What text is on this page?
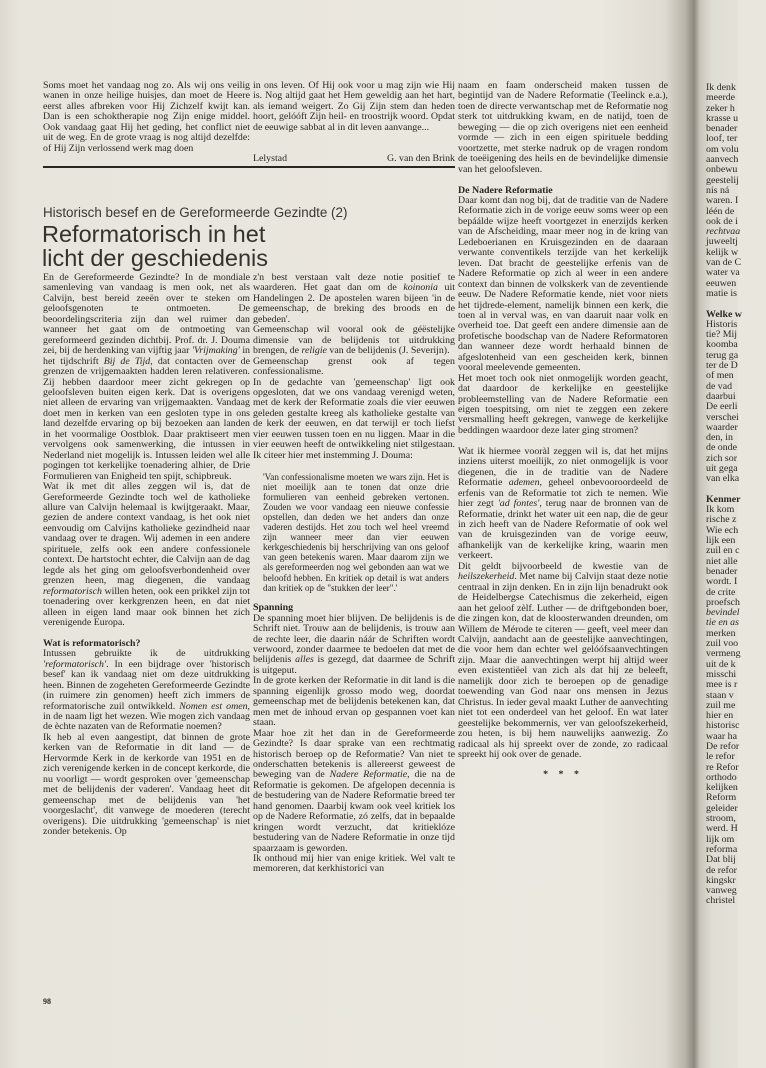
Soms moet het vandaag nog zo. Als wij ons veilig wanen in onze heilige huisjes, dan moet de Heere eerst alles afbreken voor Hij Zichzelf kwijt kan. Dan is een schoktherapie nog Zijn enige middel. Ook vandaag gaat Hij het geding, het conflict niet uit de weg. En de grote vraag is nog altijd dezelfde: of Hij Zijn verlossend werk mag doen

in ons leven. Of Hij ook voor u mag zijn wie Hij is. Nog altijd gaat het Hem geweldig aan het hart, als iemand weigert. Zo Gij Zijn stem dan heden hoort, gelóóft Zijn heil- en troostrijk woord. Opdat de eeuwige sabbat al in dit leven aanvange...

Lelystad	G. van den Brink
Historisch besef en de Gereformeerde Gezindte (2)
Reformatorisch in het
licht der geschiedenis

En de Gereformeerde Gezindte? In de mondiale samenleving van vandaag is men ook, net als Calvijn, best bereid zeeën over te steken om geloofsgenoten te ontmoeten. De beoordelingscriteria zijn dan wel ruimer dan wanneer het gaat om de ontmoeting van gereformeerd gezinden dichtbij. Prof. dr. J. Douma zei, bij de herdenking van vijftig jaar 'Vrijmaking' in het tijdschrift Bij de Tijd, dat contacten over de grenzen de vrijgemaakten hadden leren relativeren. Zij hebben daardoor meer zicht gekregen op geloofsleven buiten eigen kerk. Dat is overigens niet alleen de ervaring van vrijgemaakten. Vandaag doet men in kerken van een gesloten type in ons land dezelfde ervaring op bij bezoeken aan landen in het voormalige Oostblok. Daar praktiseert men vervolgens ook samenwerking, die intussen in Nederland niet mogelijk is. Intussen leiden wel alle pogingen tot kerkelijke toenadering alhier, de Drie Formulieren van Enigheid ten spijt, schipbreuk.

Wat ik met dit alles zeggen wil is, dat de Gereformeerde Gezindte toch wel de katholieke allure van Calvijn helemaal is kwijtgeraakt. Maar, gezien de andere context vandaag, is het ook niet eenvoudig om Calvijns katholieke gezindheid naar vandaag over te dragen. Wij ademen in een andere spirituele, zelfs ook een andere confessionele context. De hartstocht echter, die Calvijn aan de dag legde als het ging om geloofsverbondenheid over grenzen heen, mag diegenen, die vandaag reformatorisch willen heten, ook een prikkel zijn tot toenadering over kerkgrenzen heen, en dat niet alleen in eigen land maar ook binnen het zich verenigende Europa.

Wat is reformatorisch?

Intussen gebruikte ik de uitdrukking 'reformatorisch'. In een bijdrage over 'historisch besef' kan ik vandaag niet om deze uitdrukking heen. Binnen de zogeheten Gereformeerde Gezindte (in ruimere zin genomen) heeft zich immers de reformatorische zuil ontwikkeld. Nomen est omen, in de naam ligt het wezen. Wie mogen zich vandaag de èchte nazaten van de Reformatie noemen?

Ik heb al even aangestipt, dat binnen de grote kerken van de Reformatie in dit land — de Hervormde Kerk in de kerkorde van 1951 en de zich verenigende kerken in de concept kerkorde, die nu voorligt — wordt gesproken over 'gemeenschap met de belijdenis der vaderen'. Vandaag heet dit gemeenschap met de belijdenis van 'het voorgeslacht', dit vanwege de moederen (terecht overigens). Die uitdrukking 'gemeenschap' is niet zonder betekenis. Op

z'n best verstaan valt deze notie positief te waarderen. Het gaat dan om de koinonia uit Handelingen 2. De apostelen waren bijeen 'in de gemeenschap, de breking des broods en de gebeden'.

Gemeenschap wil vooral ook de géëstelijke dimensie van de belijdenis tot uitdrukking brengen, de religie van de belijdenis (J. Severijn).

Gemeenschap grenst ook af tegen confessionalisme.

In de gedachte van 'gemeenschap' ligt ook opgesloten, dat we ons vandaag verenigd weten, met de kerk der Reformatie zoals die vier eeuwen geleden gestalte kreeg als katholieke gestalte van de kerk der eeuwen, en dat terwijl er toch liefst vier eeuwen tussen toen en nu liggen. Maar in die vier eeuwen heeft de ontwikkeling niet stilgestaan. Ik citeer hier met instemming J. Douma:

'Van confessionalisme moeten we wars zijn. Het is niet moeilijk aan te tonen dat onze drie formulieren van eenheid gebreken vertonen. Zouden we voor vandaag een nieuwe confessie opstellen, dan deden we het anders dan onze vaderen destijds. Het zou toch wel heel vreemd zijn wanneer meer dan vier eeuwen kerkgeschiedenis bij herschrijving van ons geloof van geen betekenis waren. Maar daarom zijn we als gereformeerden nog wel gebonden aan wat we beloofd hebben. En kritiek op detail is wat anders dan kritiek op de "stukken der leer".'

Spanning

De spanning moet hier blijven. De belijdenis is de Schrift niet. Trouw aan de belijdenis, is trouw aan de rechte leer, die daarin náár de Schriften wordt verwoord, zonder daarmee te bedoelen dat met de belijdenis alles is gezegd, dat daarmee de Schrift is uitgeput.

In de grote kerken der Reformatie in dit land is die spanning eigenlijk grosso modo weg, doordat gemeenschap met de belijdenis betekenen kan, dat men met de inhoud ervan op gespannen voet kan staan.

Maar hoe zit het dan in de Gereformeerde Gezindte? Is daar sprake van een rechtmatig historisch beroep op de Reformatie? Van niet te onderschatten betekenis is allereerst geweest de beweging van de Nadere Reformatie, die na de Reformatie is gekomen. De afgelopen decennia is de bestudering van de Nadere Reformatie breed ter hand genomen. Daarbij kwam ook veel kritiek los op de Nadere Reformatie, zó zelfs, dat in bepaalde kringen wordt verzucht, dat kritieklóze bestudering van de Nadere Reformatie in onze tijd spaarzaam is geworden.

Ik onthoud mij hier van enige kritiek. Wel valt te memoreren, dat kerkhistorici van

naam en faam onderscheid maken tussen de begintijd van de Nadere Reformatie (Teelinck e.a.), toen de directe verwantschap met de Reformatie nog sterk tot uitdrukking kwam, en de natijd, toen de beweging — die op zich overigens niet een eenheid vormde — zich in een eigen spirituele bedding voortzette, met sterke nadruk op de vragen rondom de toeëigening des heils en de bevindelijke dimensie van het geloofsleven.

De Nadere Reformatie

Daar komt dan nog bij, dat de traditie van de Nadere Reformatie zich in de vorige eeuw soms weer op een bepáálde wijze heeft voortgezet in enerzijds kerken van de Afscheiding, maar meer nog in de kring van Ledeboerianen en Kruisgezinden en de daaraan verwante conventikels terzijde van het kerkelijk leven. Dat bracht de geestelijke erfenis van de Nadere Reformatie op zich al weer in een andere context dan binnen de volkskerk van de zeventiende eeuw. De Nadere Reformatie kende, niet voor niets het tijdrede-element, namelijk binnen een kerk, die toen al in verval was, en van daaruit naar volk en overheid toe. Dat geeft een andere dimensie aan de profetische boodschap van de Nadere Reformatoren dan wanneer deze wordt herhaald binnen de afgeslotenheid van een gescheiden kerk, binnen vooral meelevende gemeenten.

Het moet toch ook niet onmogelijk worden geacht, dat daardoor de kerkelijke en geestelijke probleemstelling van de Nadere Reformatie een eigen toespitsing, om niet te zeggen een zekere versmalling heeft gekregen, vanwege de kerkelijke beddingen waardoor deze later ging stromen?

Wat ik hiermee vooràl zeggen wil is, dat het mijns inziens uiterst moeilijk, zo niet onmogelijk is voor diegenen, die in de traditie van de Nadere Reformatie ademen, geheel onbevooroordeeld de erfenis van de Reformatie tot zich te nemen. Wie hier zegt 'ad fontes', terug naar de bronnen van de Reformatie, drinkt het water uit een nap, die de geur in zich heeft van de Nadere Reformatie of ook wel van de kruisgezinden van de vorige eeuw, afhankelijk van de kerkelijke kring, waarin men verkeert.

Dit geldt bijvoorbeeld de kwestie van de heilszekerheid. Met name bij Calvijn staat deze notie centraal in zijn denken. En in zijn lijn benadrukt ook de Heidelbergse Catechismus die zekerheid, eigen aan het geloof zèlf. Luther — de driftgebonden boer, die zingen kon, dat de kloosterwanden dreunden, om Willem de Mérode te citeren — geeft, veel meer dan Calvijn, aandacht aan de geestelijke aanvechtingen, die voor hem dan echter wel gelóófsaanvechtingen zijn. Maar die aanvechtingen werpt hij altijd weer even existentiëel van zich als dat hij ze beleeft, namelijk door zich te beroepen op de genadige toewending van God naar ons mensen in Jezus Christus. In ieder geval maakt Luther de aanvechting niet tot een onderdeel van het geloof. En wat later geestelijke bekommernis, ver van geloofszekerheid, zou heten, is bij hem nauwelijks aanwezig. Zo radicaal als hij spreekt over de zonde, zo radicaal spreekt hij ook over de genade.

* * *

98
Ik denk
meerde
zeker h
krasse u
benader
loof, ter
om volu
aanvech
onbewu
geestelij
nis ná
waren. I
léén de
ook de i
rechtvaa
juweeltj
kelijk w
van de C
water va
eeuwen
matie is
Welke w
Historis
tie? Mij
koomba
terug ga
ter de D
of men
de vad
daarbui
De eerli
verschei
waarder
den, in
de onde
zich sor
uit gega
van elka
Kenmer
Ik kom
rische z
Wie ech
lijk een
zuil en c
niet alle
benader
wordt. I
de crite
proefsch
bevindel
tie en as
merken
zuil voo
vermeng
uit de k
misschi
mee is r
staan v
zuil me
hier en
historisc
waar ha
De refor
le refor
re Refor
orthodo
kelijken
Reform
geleider
stroom,
werd. H
lijk om
reforma
Dat blij
de refor
kingskr
vanweg
christel
